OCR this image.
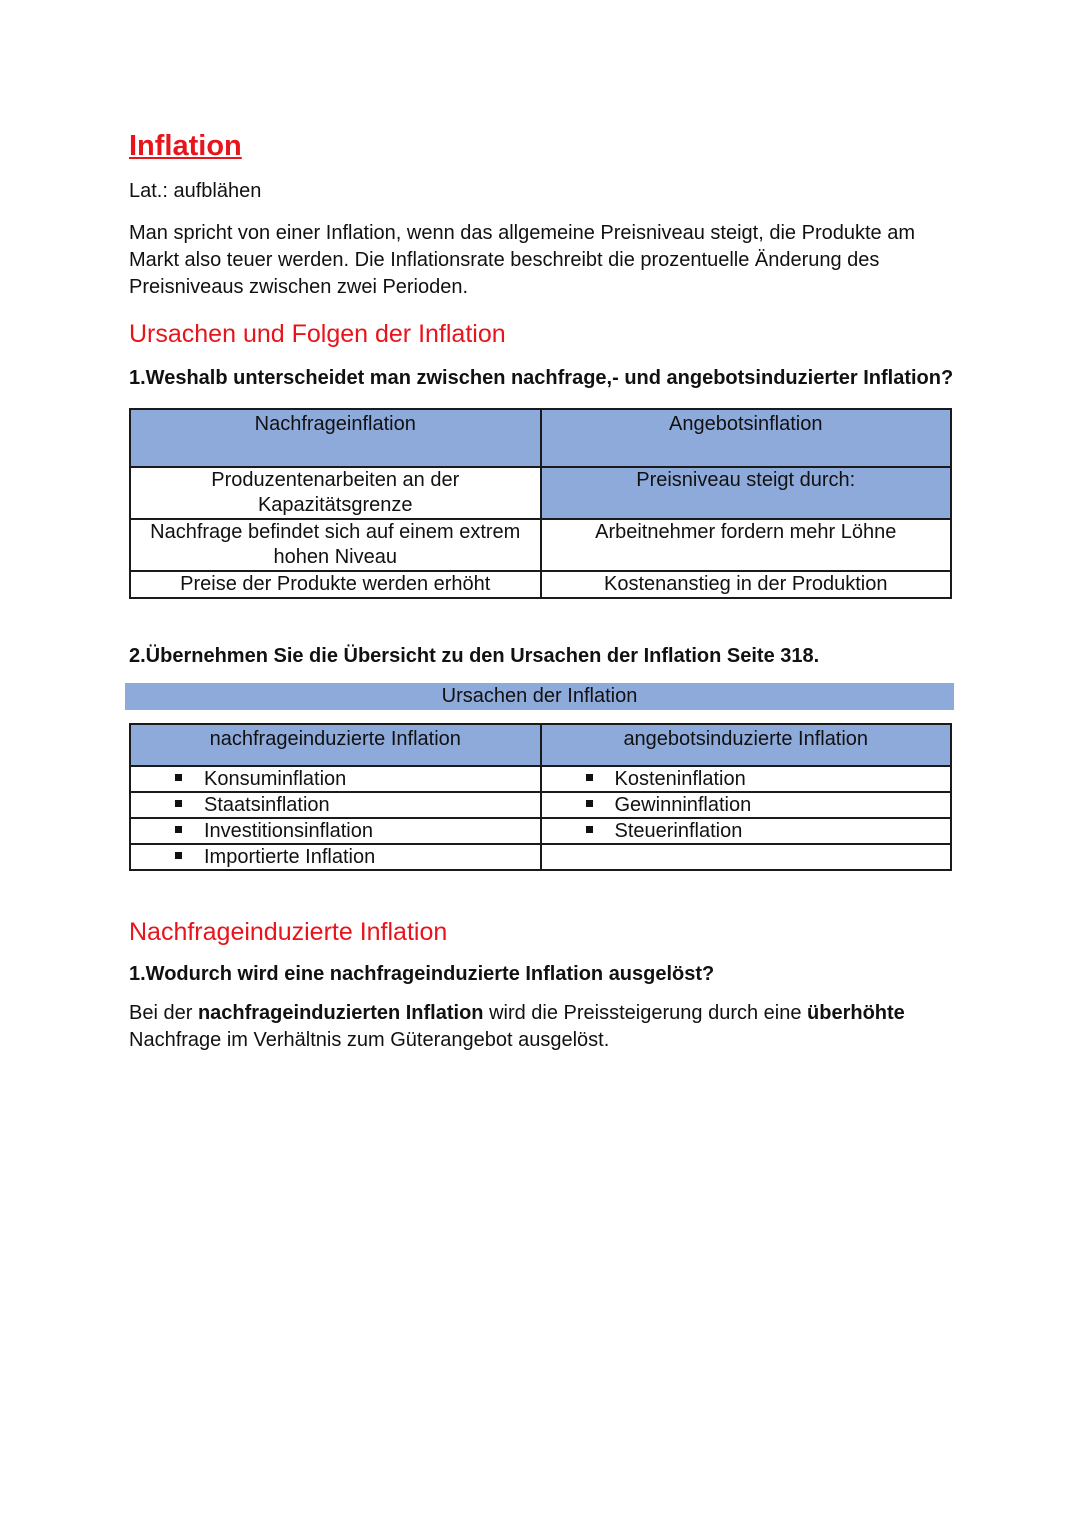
Inflation

Lat.: aufblähen

Man spricht von einer Inflation, wenn das allgemeine Preisniveau steigt, die Produkte am Markt also teuer werden. Die Inflationsrate beschreibt die prozentuelle Änderung des Preisniveaus zwischen zwei Perioden.

Ursachen und Folgen der Inflation

1.Weshalb unterscheidet man zwischen nachfrage,- und angebotsinduzierter Inflation?

Nachfrageinflation	Angebotsinflation
Produzentenarbeiten an der Kapazitätsgrenze	Preisniveau steigt durch:
Nachfrage befindet sich auf einem extrem hohen Niveau	Arbeitnehmer fordern mehr Löhne
Preise der Produkte werden erhöht	Kostenanstieg in der Produktion

2.Übernehmen Sie die Übersicht zu den Ursachen der Inflation Seite 318.

Ursachen der Inflation
nachfrageinduzierte Inflation	angebotsinduzierte Inflation
Konsuminflation	Kosteninflation
Staatsinflation	Gewinninflation
Investitionsinflation	Steuerinflation
Importierte Inflation	
Nachfrageinduzierte Inflation

1.Wodurch wird eine nachfrageinduzierte Inflation ausgelöst?

Bei der nachfrageinduzierten Inflation wird die Preissteigerung durch eine überhöhte Nachfrage im Verhältnis zum Güterangebot ausgelöst.
